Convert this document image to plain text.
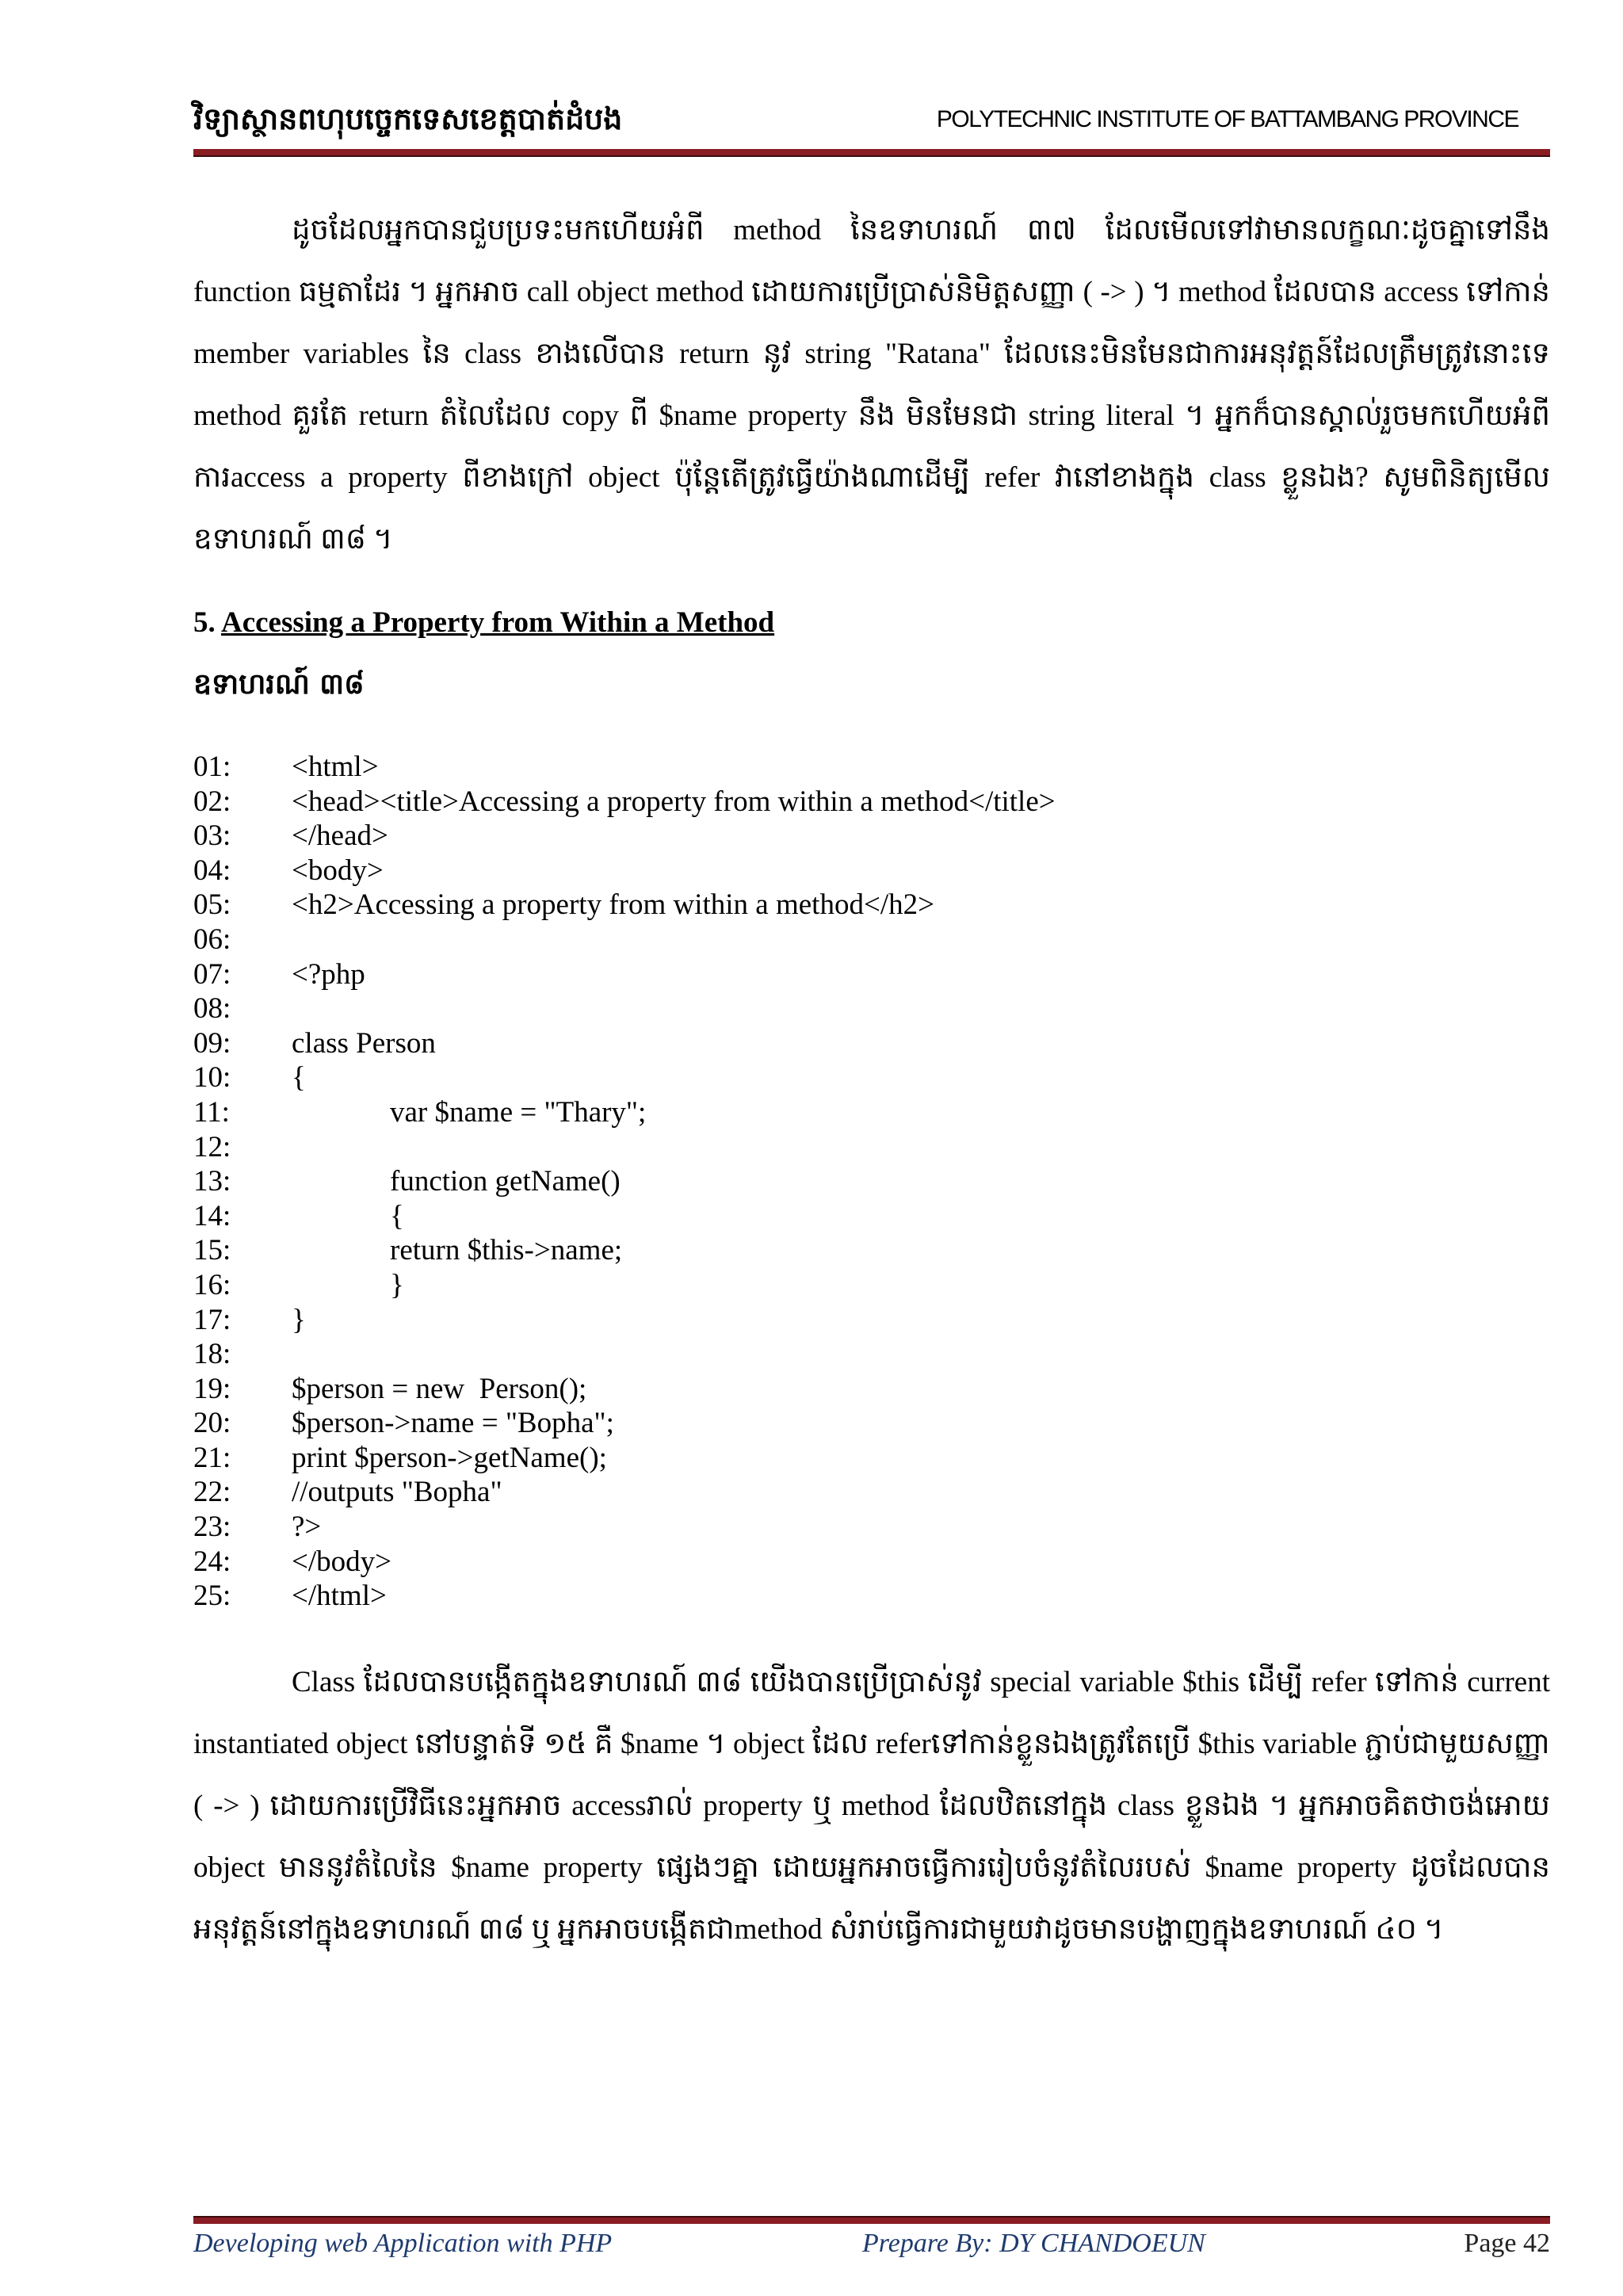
វិទ្យាស្ថានពហុបច្ចេកទេសខេត្តបាត់ដំបង	POLYTECHNIC INSTITUTE OF BATTAMBANG PROVINCE

ដូចដែលអ្នកបានជួបប្រទះមកហើយអំពី method នៃឧទាហរណ៍ ៣៧ ដែលមើលទៅវាមានលក្ខណៈដូចគ្នាទៅនឹង function ធម្មតាដែរ ។ អ្នកអាច call object method ដោយការប្រើប្រាស់និមិត្តសញ្ញា ( -> ) ។ method ដែលបាន access ទៅកាន់ member variables នៃ class ខាងលើបាន return នូវ string "Ratana" ដែលនេះមិនមែនជាការអនុវត្តន៍ដែលត្រឹមត្រូវនោះទេ method គួរតែ return តំលៃដែល copy ពី $name property នឹង មិនមែនជា string literal ។ អ្នកក៏បានស្គាល់រួចមកហើយអំពីការaccess a property ពីខាងក្រៅ object ប៉ុន្តែតើត្រូវធ្វើយ៉ាងណាដើម្បី refer វានៅខាងក្នុង class ខ្លួនឯង? សូមពិនិត្យមើលឧទាហរណ៍ ៣៨ ។

5. Accessing a Property from Within a Method
ឧទាហរណ៍ ៣៨
01: <html>
02: <head><title>Accessing a property from within a method</title>
03: </head>
04: <body>
05: <h2>Accessing a property from within a method</h2>
06:
07: <?php
08:
09: class Person
10: {
11:	var $name = "Thary";
12:
13:	function getName()
14:	{
15:	return $this->name;
16:	}
17: }
18:
19: $person = new  Person();
20: $person->name = "Bopha";
21: print $person->getName();
22: //outputs "Bopha"
23: ?>
24: </body>
25: </html>

Class ដែលបានបង្កើតក្នុងឧទាហរណ៍ ៣៨ យើងបានប្រើប្រាស់នូវ special variable $this ដើម្បី refer ទៅកាន់ current instantiated object នៅបន្ទាត់ទី ១៥ គឺ $name ។ object ដែល referទៅកាន់ខ្លួនឯងត្រូវតែប្រើ $this variable ភ្ជាប់ជាមួយសញ្ញា ( -> ) ដោយការប្រើវិធីនេះអ្នកអាច accessរាល់ property ឬ method ដែលឋិតនៅក្នុង class ខ្លួនឯង ។ អ្នកអាចគិតថាចង់អោយ object មាននូវតំលៃនៃ $name property ផ្សេងៗគ្នា ដោយអ្នកអាចធ្វើការរៀបចំនូវតំលៃរបស់ $name property ដូចដែលបានអនុវត្តន៍នៅក្នុងឧទាហរណ៍ ៣៨ ឬ អ្នកអាចបង្កើតជាmethod សំរាប់ធ្វើការជាមួយវាដូចមានបង្ហាញក្នុងឧទាហរណ៍ ៤០ ។

Developing web Application with PHP	Prepare By: DY CHANDOEUN	Page 42
